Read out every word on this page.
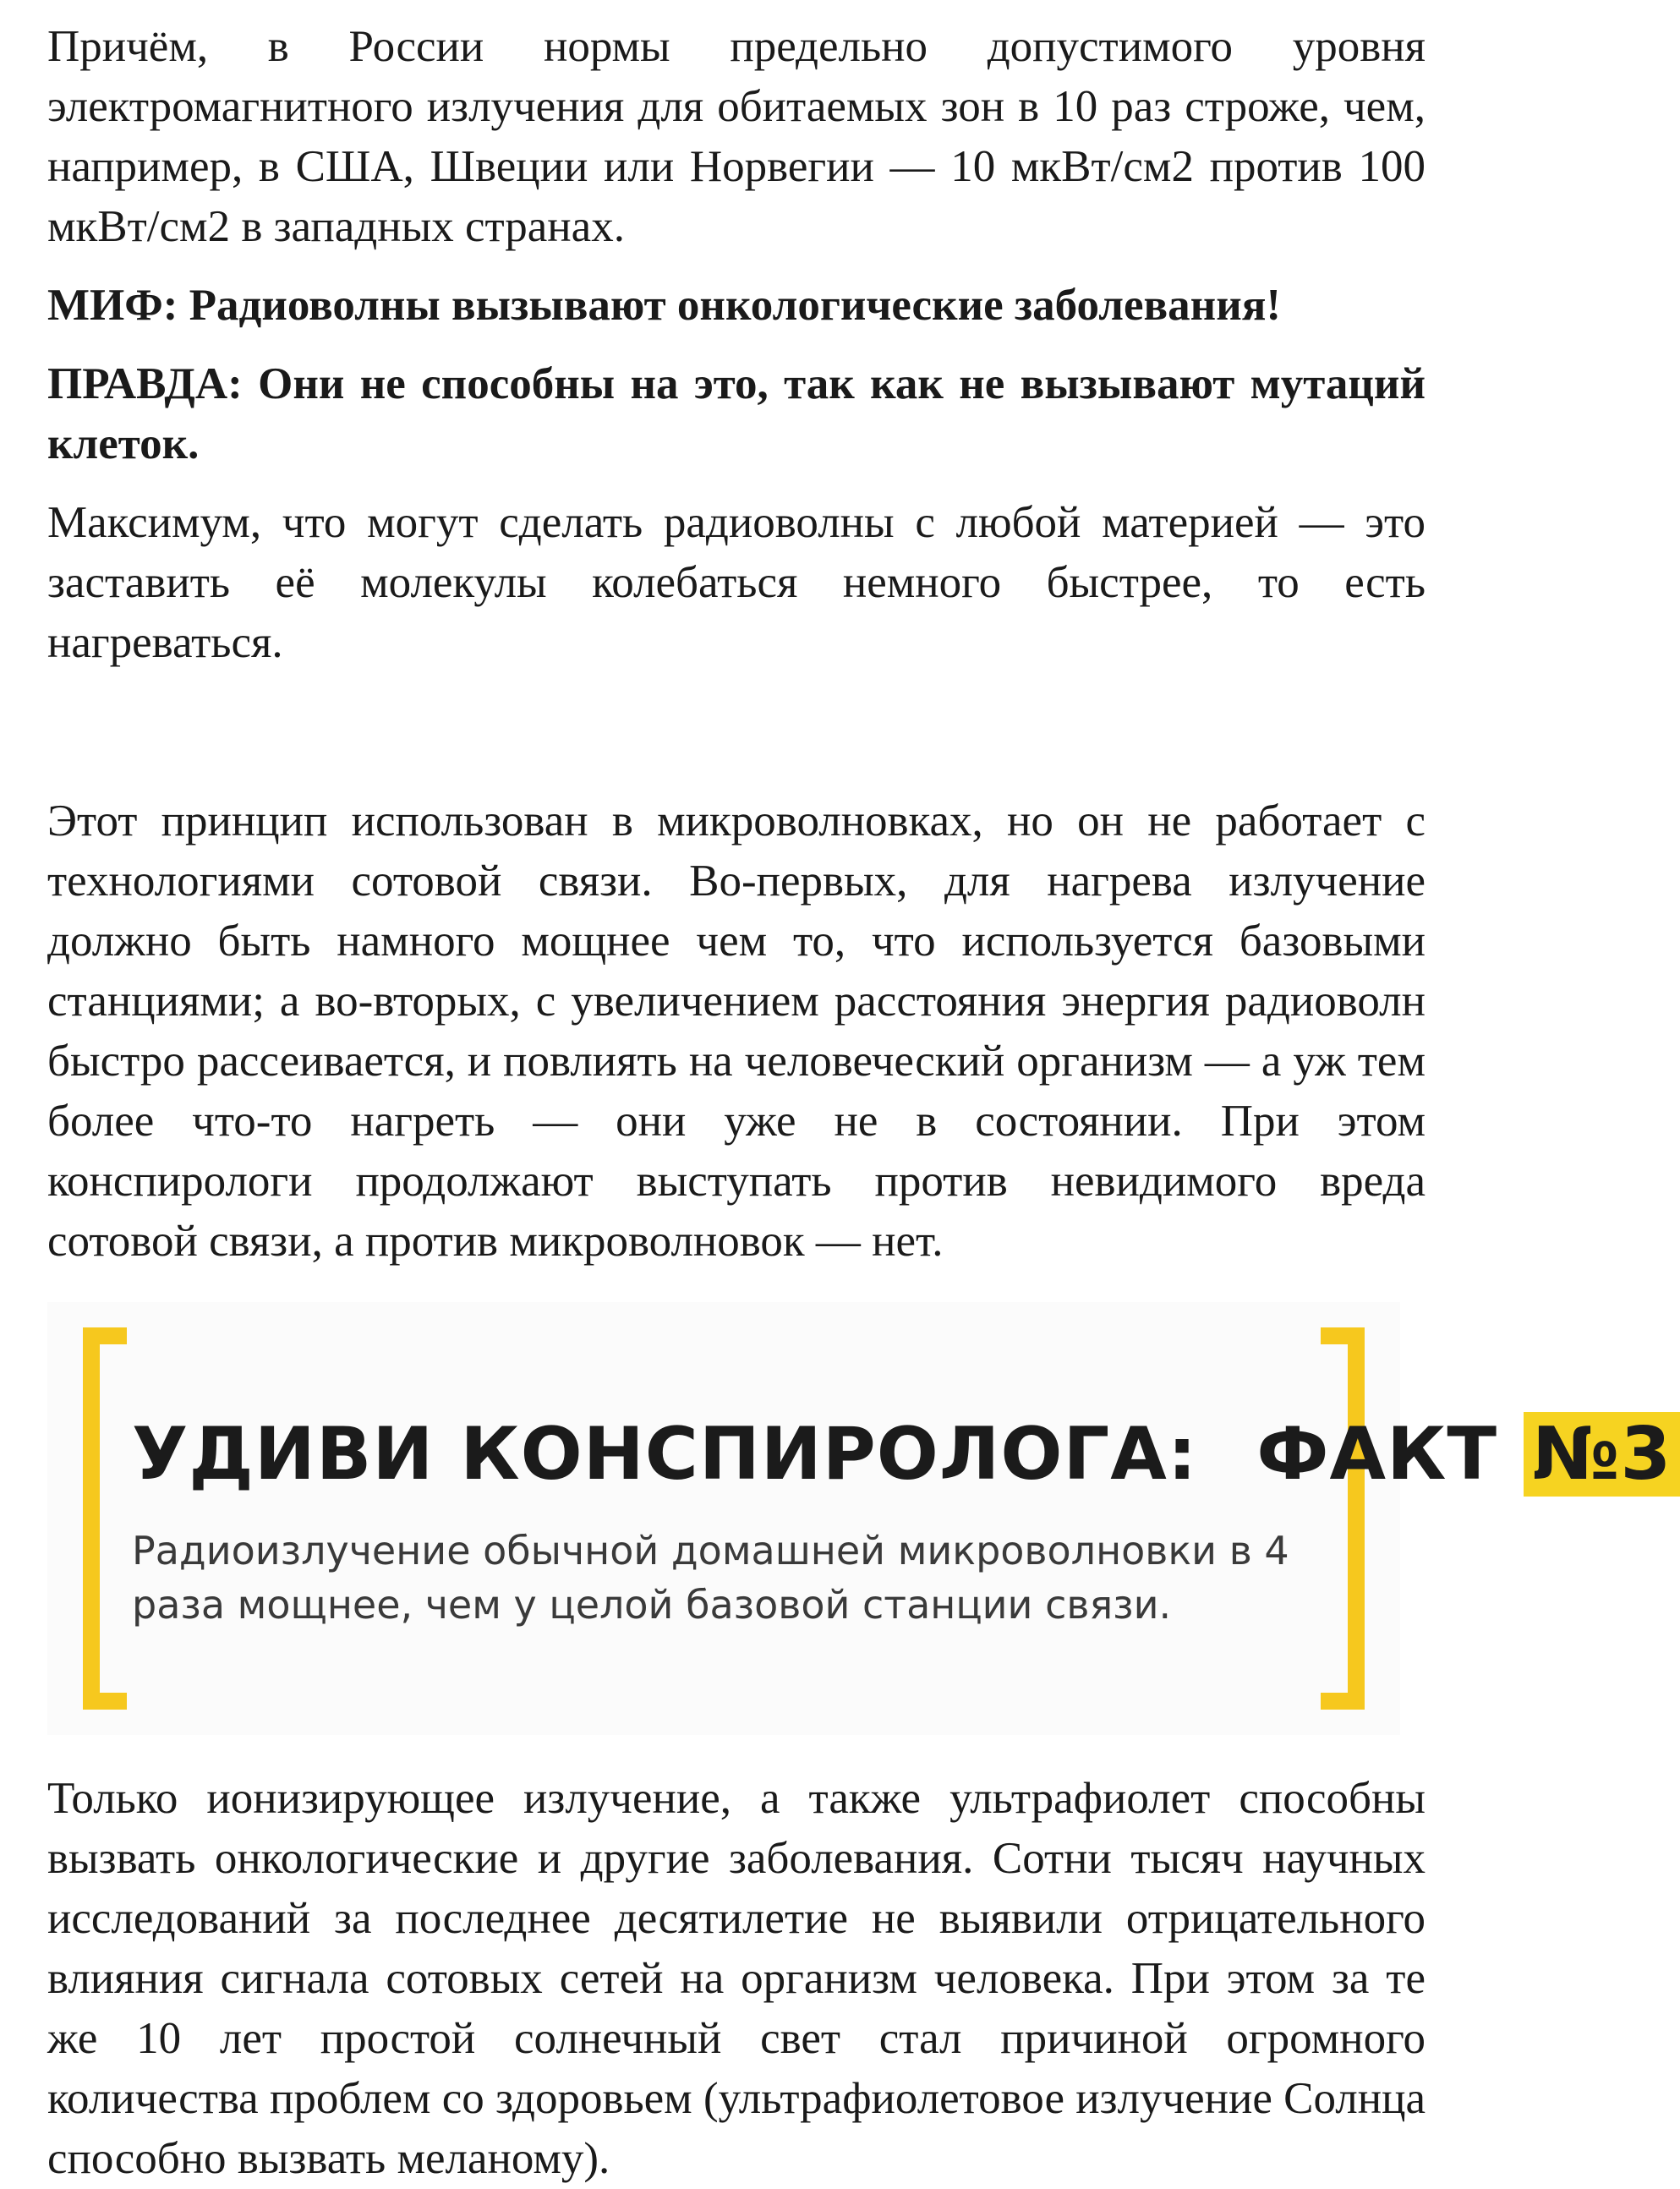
Причём, в России нормы предельно допустимого уровня электромагнитного излучения для обитаемых зон в 10 раз строже, чем, например, в США, Швеции или Норвегии — 10 мкВт/см2 против 100 мкВт/см2 в западных странах.

МИФ: Радиоволны вызывают онкологические заболевания!

ПРАВДА: Они не способны на это, так как не вызывают мутаций клеток.

Максимум, что могут сделать радиоволны с любой материей — это заставить её молекулы колебаться немного быстрее, то есть нагреваться.

Этот принцип использован в микроволновках, но он не работает с технологиями сотовой связи. Во-первых, для нагрева излучение должно быть намного мощнее чем то, что используется базовыми станциями; а во-вторых, с увеличением расстояния энергия радиоволн быстро рассеивается, и повлиять на человеческий организм — а уж тем более что-то нагреть — они уже не в состоянии. При этом конспирологи продолжают выступать против невидимого вреда сотовой связи, а против микроволновок — нет.

УДИВИ КОНСПИРОЛОГА: ФАКТ №3
Радиоизлучение обычной домашней микроволновки в 4 раза мощнее, чем у целой базовой станции связи.

Только ионизирующее излучение, а также ультрафиолет способны вызвать онкологические и другие заболевания. Сотни тысяч научных исследований за последнее десятилетие не выявили отрицательного влияния сигнала сотовых сетей на организм человека. При этом за те же 10 лет простой солнечный свет стал причиной огромного количества проблем со здоровьем (ультрафиолетовое излучение Солнца способно вызвать меланому).
